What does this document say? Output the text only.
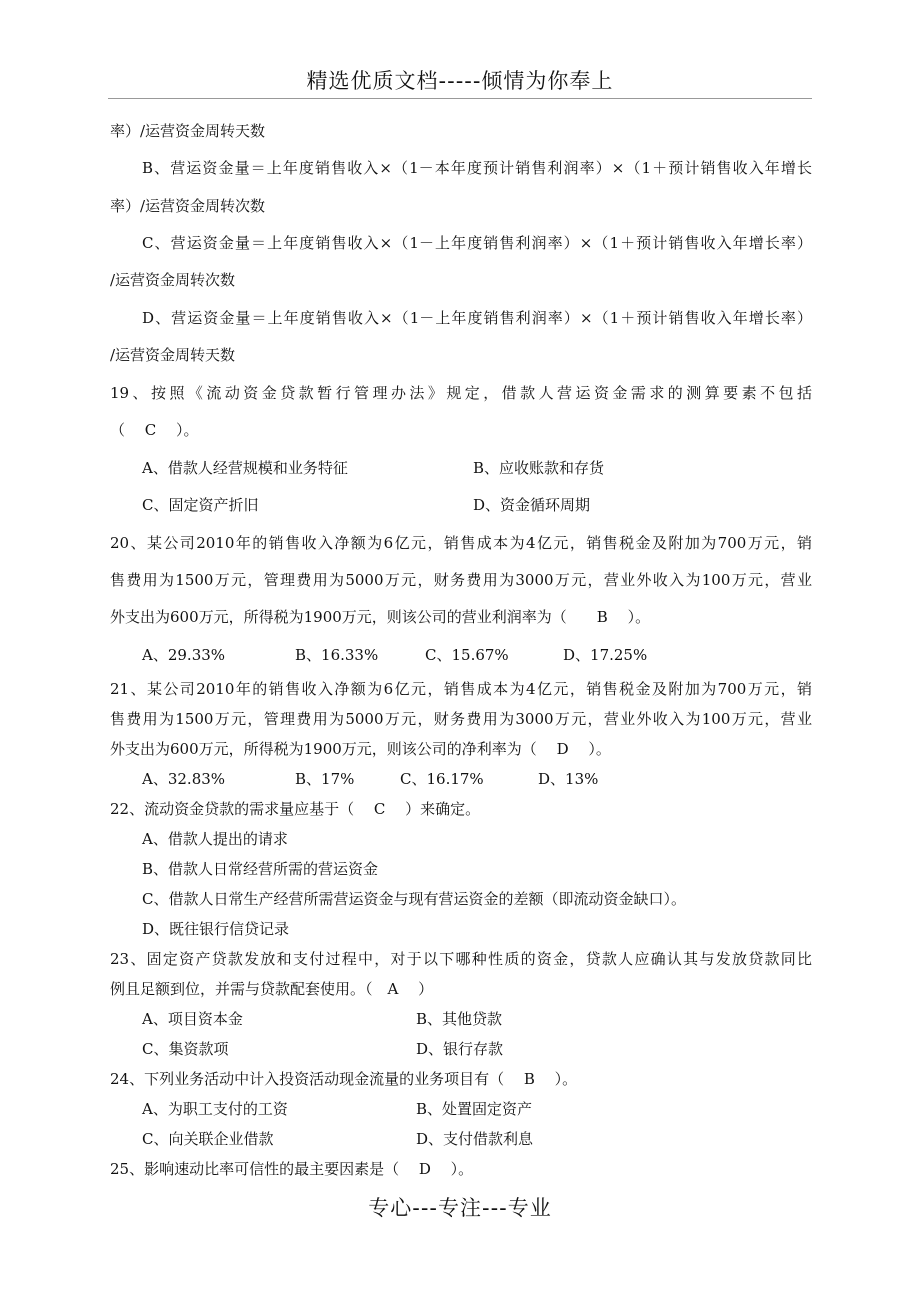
精选优质文档-----倾情为你奉上
率）/运营资金周转天数
B、营运资金量＝上年度销售收入×（1－本年度预计销售利润率）×（1＋预计销售收入年增长
率）/运营资金周转次数
C、营运资金量＝上年度销售收入×（1－上年度销售利润率）×（1＋预计销售收入年增长率）
/运营资金周转次数
D、营运资金量＝上年度销售收入×（1－上年度销售利润率）×（1＋预计销售收入年增长率）
/运营资金周转天数
19、按照《流动资金贷款暂行管理办法》规定，借款人营运资金需求的测算要素不包括
（　 C　 ）。
A、借款人经营规模和业务特征	B、应收账款和存货
C、固定资产折旧	D、资金循环周期
20、某公司2010年的销售收入净额为6亿元，销售成本为4亿元，销售税金及附加为700万元，销
售费用为1500万元，管理费用为5000万元，财务费用为3000万元，营业外收入为100万元，营业
外支出为600万元，所得税为1900万元，则该公司的营业利润率为（　　B　 ）。
A、29.33%	B、16.33%	C、15.67%	D、17.25%
21、某公司2010年的销售收入净额为6亿元，销售成本为4亿元，销售税金及附加为700万元，销
售费用为1500万元，管理费用为5000万元，财务费用为3000万元，营业外收入为100万元，营业
外支出为600万元，所得税为1900万元，则该公司的净利率为（　 D　 ）。
A、32.83%	B、17%	C、16.17%	D、13%
22、流动资金贷款的需求量应基于（　 C　 ）来确定。
A、借款人提出的请求
B、借款人日常经营所需的营运资金
C、借款人日常生产经营所需营运资金与现有营运资金的差额（即流动资金缺口）。
D、既往银行信贷记录
23、固定资产贷款发放和支付过程中，对于以下哪种性质的资金，贷款人应确认其与发放贷款同比
例且足额到位，并需与贷款配套使用。（　A　 ）
A、项目资本金	B、其他贷款
C、集资款项	D、银行存款
24、下列业务活动中计入投资活动现金流量的业务项目有（　 B　 ）。
A、为职工支付的工资	B、处置固定资产
C、向关联企业借款	D、支付借款利息
25、影响速动比率可信性的最主要因素是（　 D　 ）。
专心---专注---专业
